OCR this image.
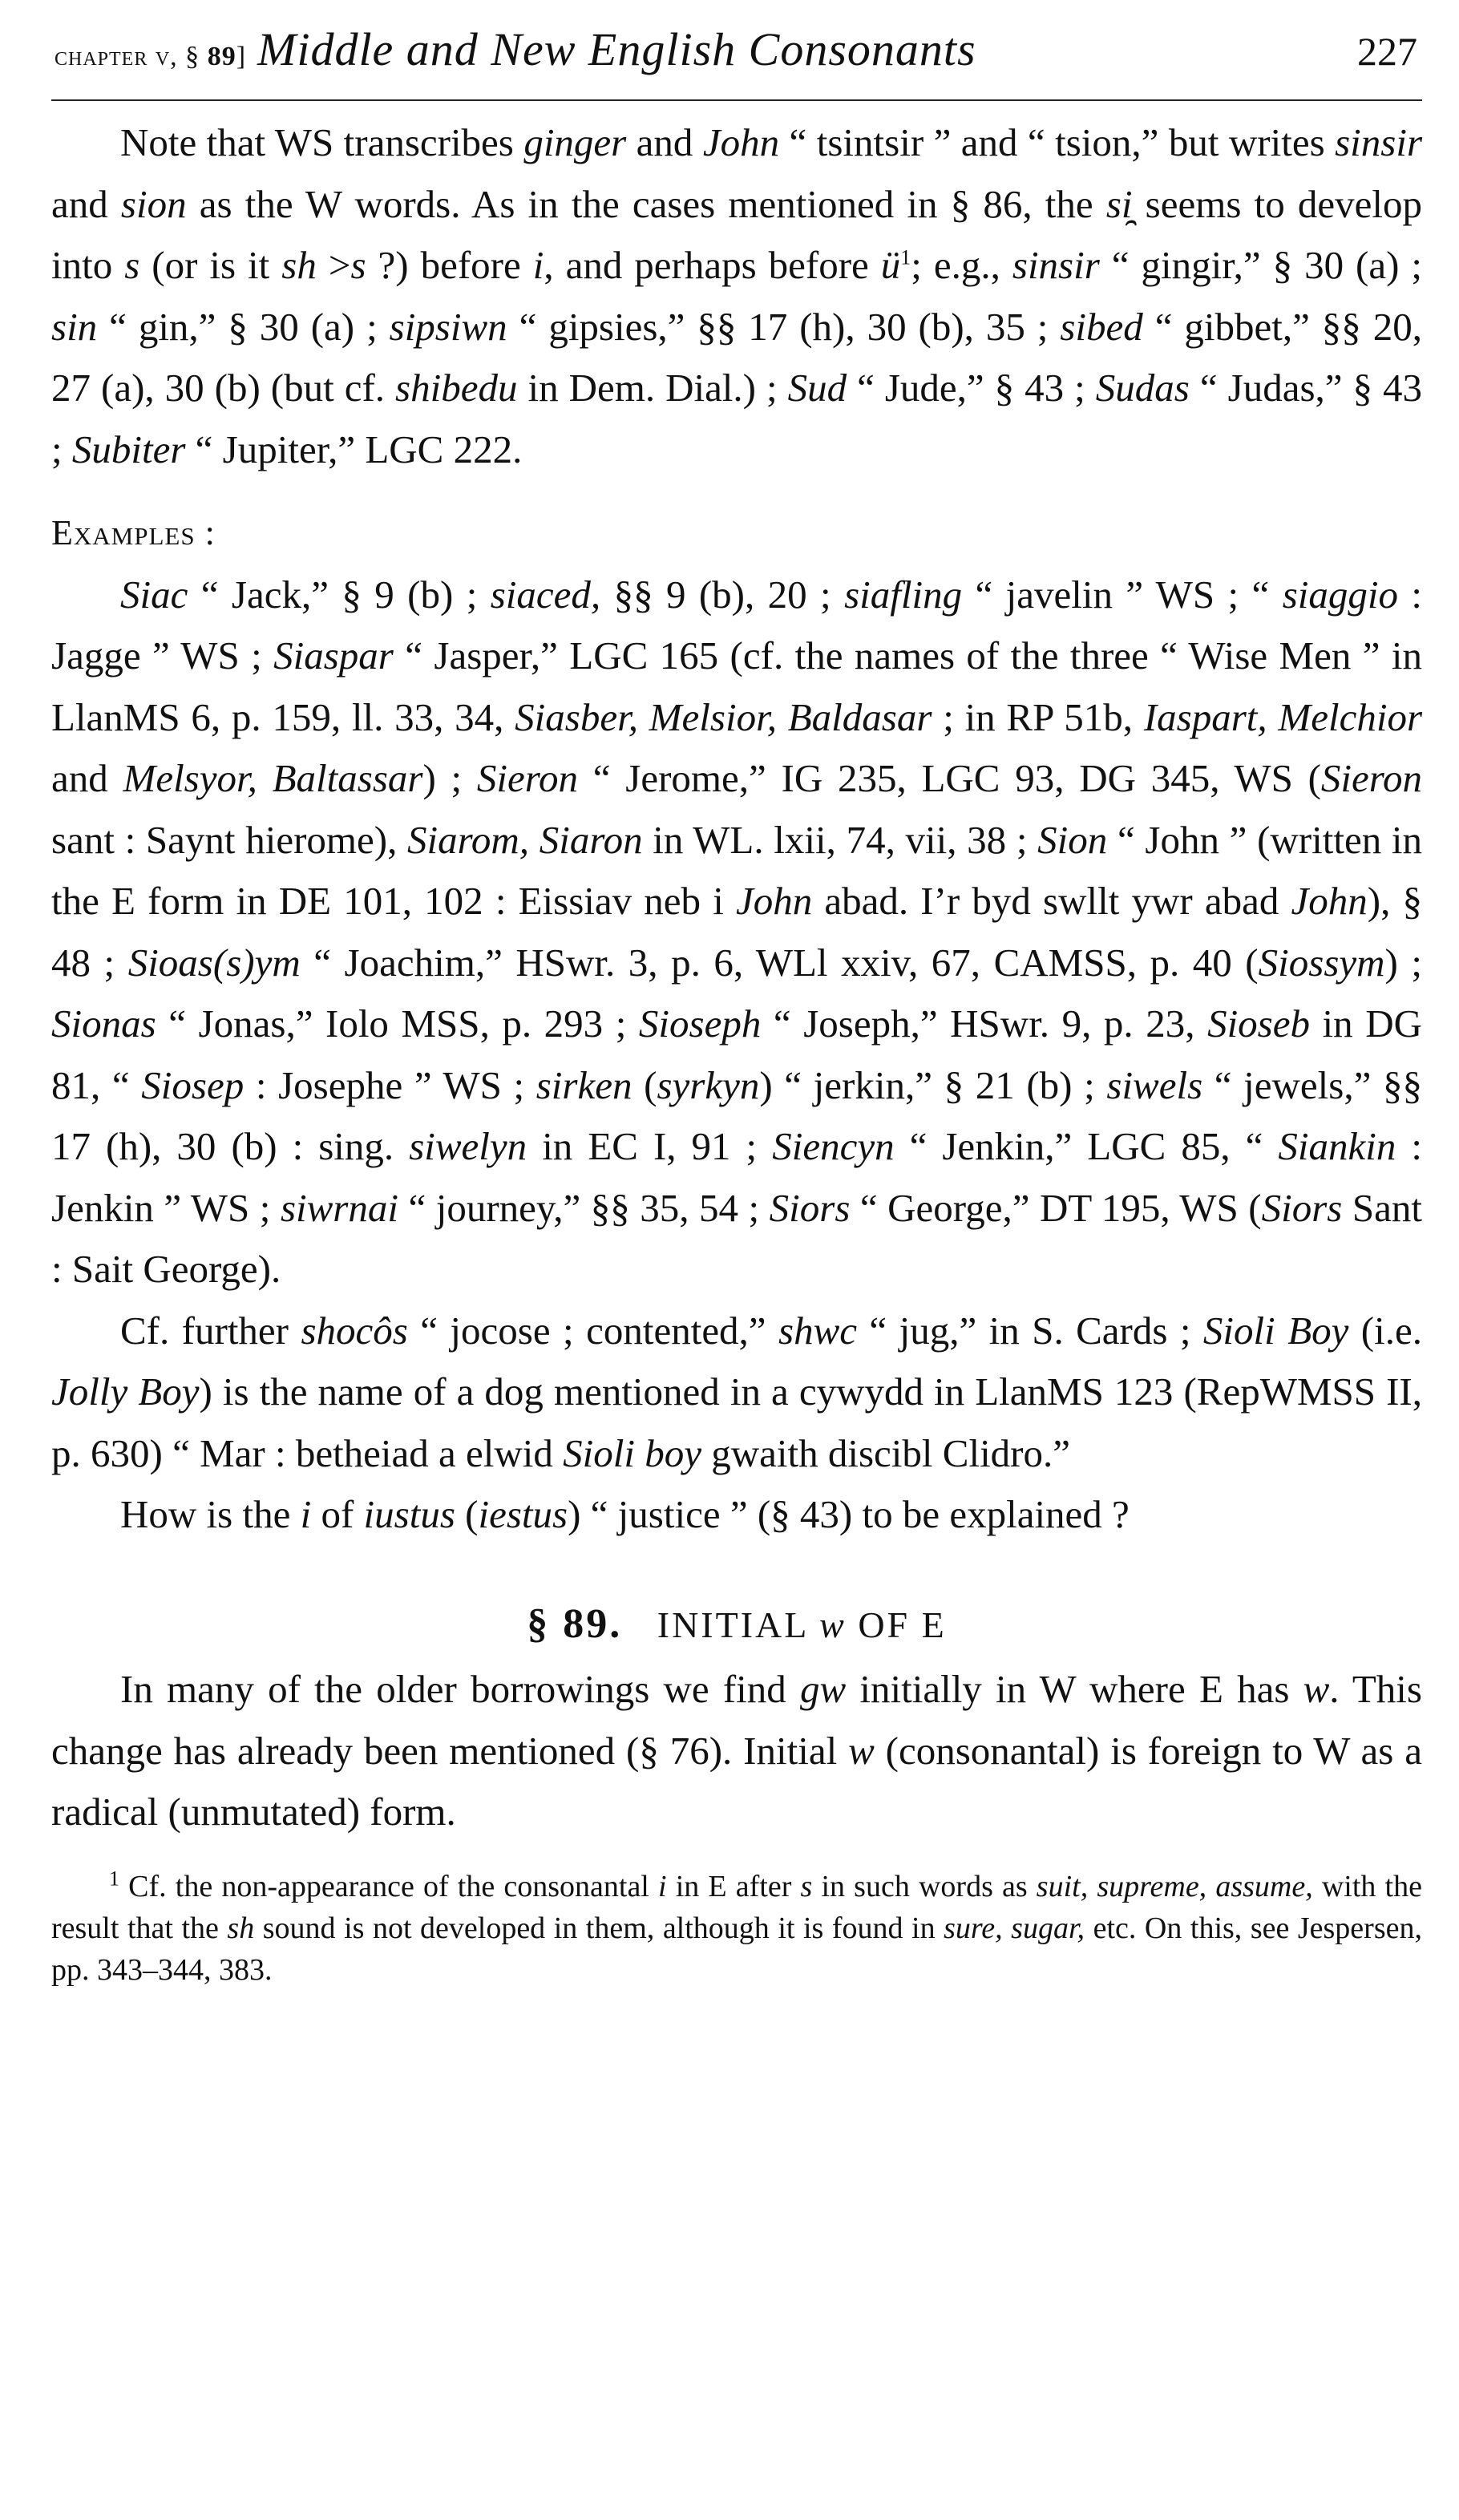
chapter v, § 89] Middle and New English Consonants	227

Note that WS transcribes ginger and John “ tsintsir ” and “ tsion,” but writes sinsir and sion as the W words. As in the cases mentioned in § 86, the si̯ seems to develop into s (or is it sh >s ?) before i, and perhaps before ü$^1$; e.g., sinsir “ gingir,” § 30 (a) ; sin “ gin,” § 30 (a) ; sipsiwn “ gipsies,” §§ 17 (h), 30 (b), 35 ; sibed “ gibbet,” §§ 20, 27 (a), 30 (b) (but cf. shibedu in Dem. Dial.) ; Sud “ Jude,” § 43 ; Sudas “ Judas,” § 43 ; Subiter “ Jupiter,” LGC 222.

Examples :

Siac “ Jack,” § 9 (b) ; siaced, §§ 9 (b), 20 ; siafling “ javelin ” WS ; “ siaggio : Jagge ” WS ; Siaspar “ Jasper,” LGC 165 (cf. the names of the three “ Wise Men ” in LlanMS 6, p. 159, ll. 33, 34, Siasber, Melsior, Baldasar ; in RP 51b, Iaspart, Melchior and Melsyor, Baltassar) ; Sieron “ Jerome,” IG 235, LGC 93, DG 345, WS (Sieron sant : Saynt hierome), Siarom, Siaron in WL. lxii, 74, vii, 38 ; Sion “ John ” (written in the E form in DE 101, 102 : Eissiav neb i John abad. I’r byd swllt ywr abad John), § 48 ; Sioas(s)ym “ Joachim,” HSwr. 3, p. 6, WLl xxiv, 67, CAMSS, p. 40 (Siossym) ; Sionas “ Jonas,” Iolo MSS, p. 293 ; Sioseph “ Joseph,” HSwr. 9, p. 23, Sioseb in DG 81, “ Siosep : Josephe ” WS ; sirken (syrkyn) “ jerkin,” § 21 (b) ; siwels “ jewels,” §§ 17 (h), 30 (b) : sing. siwelyn in EC I, 91 ; Siencyn “ Jenkin,” LGC 85, “ Siankin : Jenkin ” WS ; siwrnai “ journey,” §§ 35, 54 ; Siors “ George,” DT 195, WS (Siors Sant : Sait George).

Cf. further shocôs “ jocose ; contented,” shwc “ jug,” in S. Cards ; Sioli Boy (i.e. Jolly Boy) is the name of a dog mentioned in a cywydd in LlanMS 123 (RepWMSS II, p. 630) “ Mar : betheiad a elwid Sioli boy gwaith discibl Clidro.”

How is the i of iustus (iestus) “ justice ” (§ 43) to be explained ?

§ 89. INITIAL w OF E

In many of the older borrowings we find gw initially in W where E has w. This change has already been mentioned (§ 76). Initial w (consonantal) is foreign to W as a radical (unmutated) form.

$^1$ Cf. the non-appearance of the consonantal i in E after s in such words as suit, supreme, assume, with the result that the sh sound is not developed in them, although it is found in sure, sugar, etc. On this, see Jespersen, pp. 343–344, 383.
